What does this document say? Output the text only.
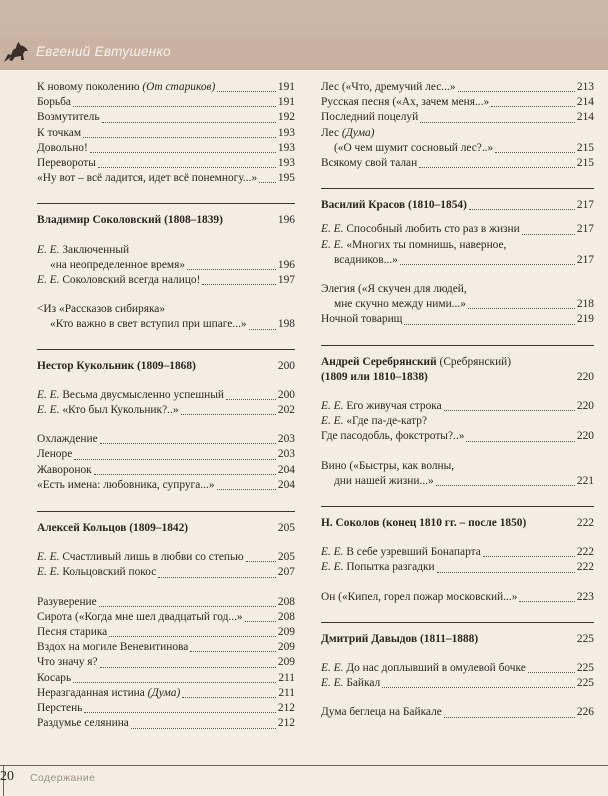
Евгений Евтушенко
К новому поколению (От стариков)	191
Борьба	191
Возмутитель	192
К точкам	193
Довольно!	193
Перевороты	193
«Ну вот – всё ладится, идет всё понемногу...» 195
Владимир Соколовский (1808–1839)	196
Е. Е. Заключенный
«на неопределенное время»	196
Е. Е. Соколовский всегда налицо!	197
<Из «Рассказов сибиряка»
«Кто важно в свет вступил при шпаге...»	198
Нестор Кукольник (1809–1868)	200
Е. Е. Весьма двусмысленно успешный	200
Е. Е. «Кто был Кукольник?..»	202
Охлаждение	203
Леноре	203
Жаворонок	204
«Есть имена: любовника, супруга...»	204
Алексей Кольцов (1809–1842)	205
Е. Е. Счастливый лишь в любви со степью	205
Е. Е. Кольцовский покос	207
Разуверение	208
Сирота («Когда мне шел двадцатый год...»	208
Песня старика	209
Вздох на могиле Веневитинова	209
Что значу я?	209
Косарь	211
Неразгаданная истина (Дума)	211
Перстень	212
Раздумье селянина	212
Лес («Что, дремучий лес...»	213
Русская песня («Ах, зачем меня...»	214
Последний поцелуй	214
Лес (Дума)
(«О чем шумит сосновый лес?..»	215
Всякому свой талан	215
Василий Красов (1810–1854)	217
Е. Е. Способный любить сто раз в жизни	217
Е. Е. «Многих ты помнишь, наверное,
всадников...»	217
Элегия («Я скучен для людей,
мне скучно между ними...»	218
Ночной товарищ	219
Андрей Серебрянский (Сребрянский)
(1809 или 1810–1838)	220
Е. Е. Его живучая строка	220
Е. Е. «Где па-де-катр?
Где пасодобль, фокстроты?..»	220
Вино («Быстры, как волны,
дни нашей жизни...»	221
Н. Соколов (конец 1810 гг. – после 1850)	222
Е. Е. В себе узревший Бонапарта	222
Е. Е. Попытка разгадки	222
Он («Кипел, горел пожар московский...»	223
Дмитрий Давыдов (1811–1888)	225
Е. Е. До нас доплывший в омулевой бочке	225
Е. Е. Байкал	225
Дума беглеца на Байкале	226
20 Содержание
